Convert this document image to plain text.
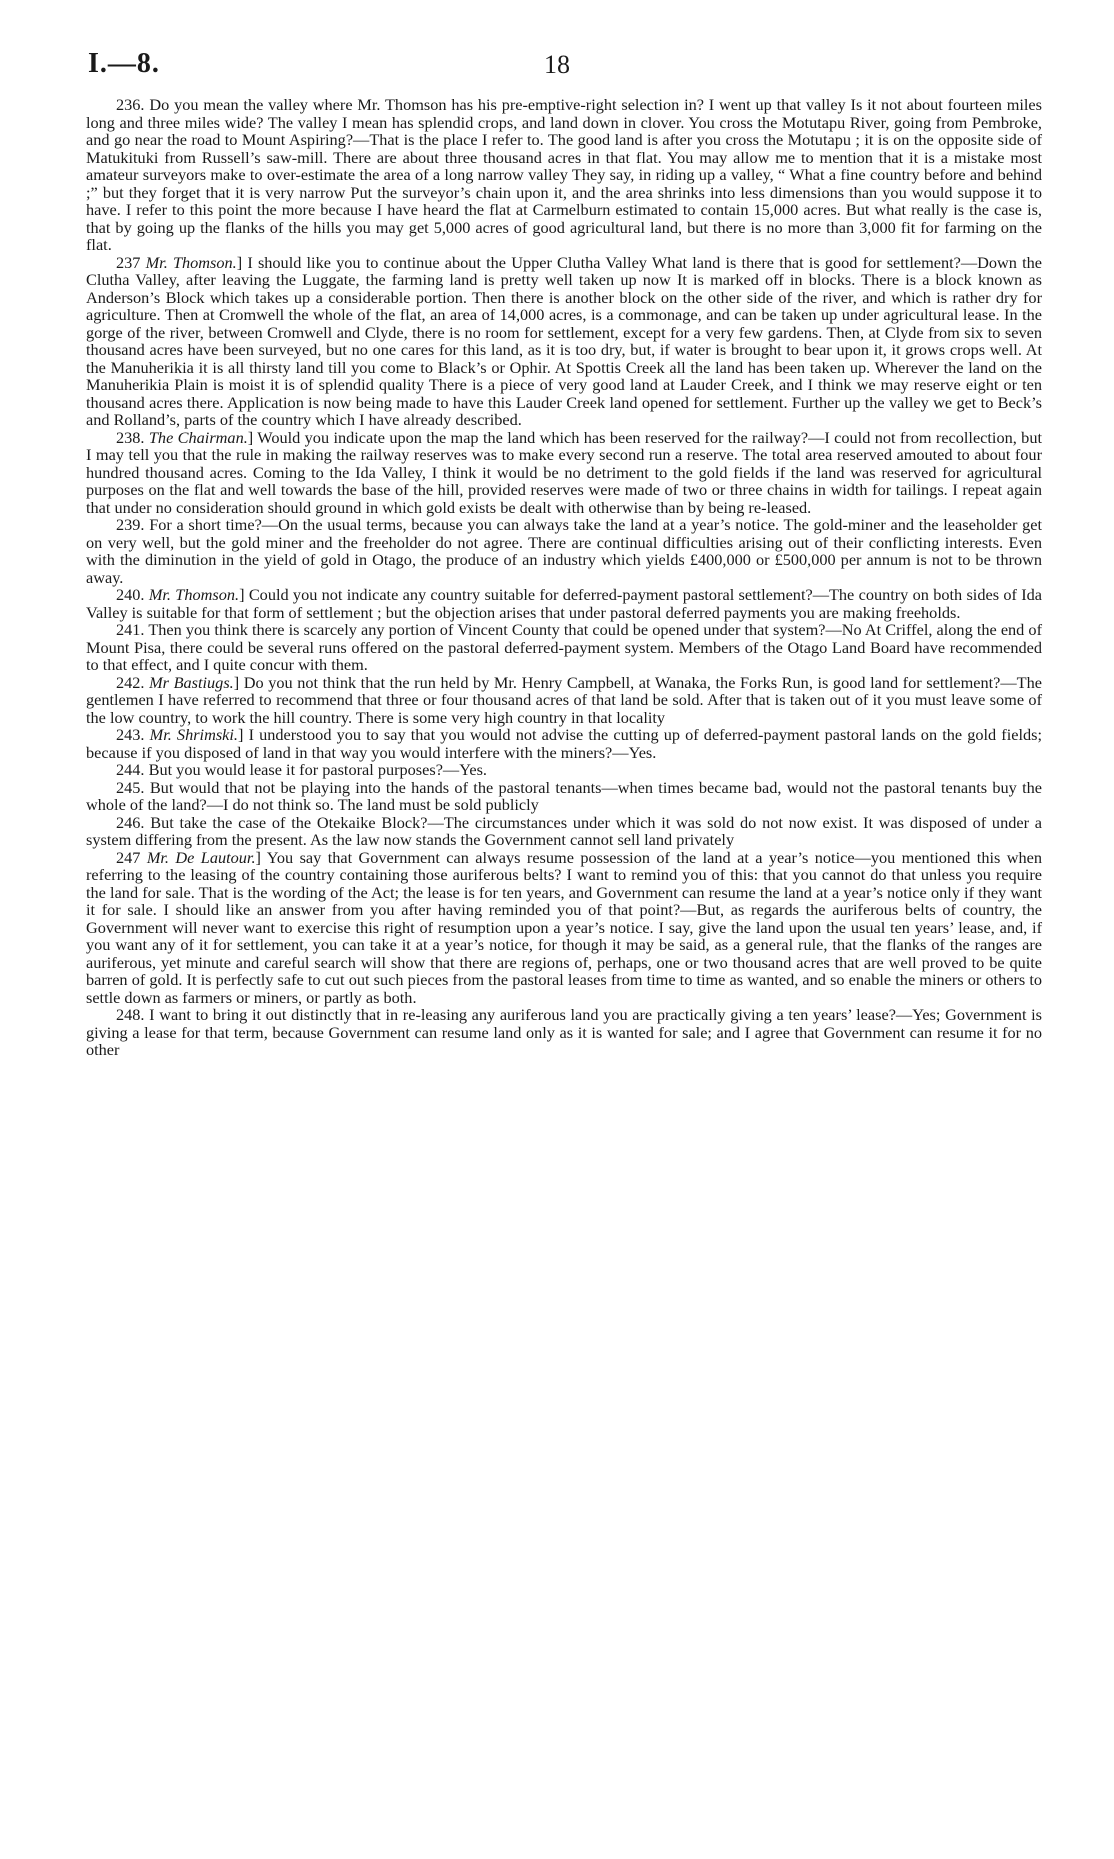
I.—8.	18

236. Do you mean the valley where Mr. Thomson has his pre-emptive-right selection in? I went up that valley Is it not about fourteen miles long and three miles wide? The valley I mean has splendid crops, and land down in clover. You cross the Motutapu River, going from Pembroke, and go near the road to Mount Aspiring?—That is the place I refer to. The good land is after you cross the Motutapu ; it is on the opposite side of Matukituki from Russell’s saw-mill. There are about three thousand acres in that flat. You may allow me to mention that it is a mistake most amateur surveyors make to over-estimate the area of a long narrow valley They say, in riding up a valley, “ What a fine country before and behind ;” but they forget that it is very narrow Put the surveyor’s chain upon it, and the area shrinks into less dimensions than you would suppose it to have. I refer to this point the more because I have heard the flat at Carmelburn estimated to contain 15,000 acres. But what really is the case is, that by going up the flanks of the hills you may get 5,000 acres of good agricultural land, but there is no more than 3,000 fit for farming on the flat.

237 Mr. Thomson.] I should like you to continue about the Upper Clutha Valley What land is there that is good for settlement?—Down the Clutha Valley, after leaving the Luggate, the farming land is pretty well taken up now It is marked off in blocks. There is a block known as Anderson’s Block which takes up a considerable portion. Then there is another block on the other side of the river, and which is rather dry for agriculture. Then at Cromwell the whole of the flat, an area of 14,000 acres, is a commonage, and can be taken up under agricultural lease. In the gorge of the river, between Cromwell and Clyde, there is no room for settlement, except for a very few gardens. Then, at Clyde from six to seven thousand acres have been surveyed, but no one cares for this land, as it is too dry, but, if water is brought to bear upon it, it grows crops well. At the Manuherikia it is all thirsty land till you come to Black’s or Ophir. At Spottis Creek all the land has been taken up. Wherever the land on the Manuherikia Plain is moist it is of splendid quality There is a piece of very good land at Lauder Creek, and I think we may reserve eight or ten thousand acres there. Application is now being made to have this Lauder Creek land opened for settlement. Further up the valley we get to Beck’s and Rolland’s, parts of the country which I have already described.

238. The Chairman.] Would you indicate upon the map the land which has been reserved for the railway?—I could not from recollection, but I may tell you that the rule in making the railway reserves was to make every second run a reserve. The total area reserved amouted to about four hundred thousand acres. Coming to the Ida Valley, I think it would be no detriment to the gold fields if the land was reserved for agricultural purposes on the flat and well towards the base of the hill, provided reserves were made of two or three chains in width for tailings. I repeat again that under no consideration should ground in which gold exists be dealt with otherwise than by being re-leased.

239. For a short time?—On the usual terms, because you can always take the land at a year’s notice. The gold-miner and the leaseholder get on very well, but the gold miner and the freeholder do not agree. There are continual difficulties arising out of their conflicting interests. Even with the diminution in the yield of gold in Otago, the produce of an industry which yields £400,000 or £500,000 per annum is not to be thrown away.

240. Mr. Thomson.] Could you not indicate any country suitable for deferred-payment pastoral settlement?—The country on both sides of Ida Valley is suitable for that form of settlement ; but the objection arises that under pastoral deferred payments you are making freeholds.

241. Then you think there is scarcely any portion of Vincent County that could be opened under that system?—No At Criffel, along the end of Mount Pisa, there could be several runs offered on the pastoral deferred-payment system. Members of the Otago Land Board have recommended to that effect, and I quite concur with them.

242. Mr Bastiugs.] Do you not think that the run held by Mr. Henry Campbell, at Wanaka, the Forks Run, is good land for settlement?—The gentlemen I have referred to recommend that three or four thousand acres of that land be sold. After that is taken out of it you must leave some of the low country, to work the hill country. There is some very high country in that locality

243. Mr. Shrimski.] I understood you to say that you would not advise the cutting up of deferred-payment pastoral lands on the gold fields; because if you disposed of land in that way you would interfere with the miners?—Yes.

244. But you would lease it for pastoral purposes?—Yes.

245. But would that not be playing into the hands of the pastoral tenants—when times became bad, would not the pastoral tenants buy the whole of the land?—I do not think so. The land must be sold publicly

246. But take the case of the Otekaike Block?—The circumstances under which it was sold do not now exist. It was disposed of under a system differing from the present. As the law now stands the Government cannot sell land privately

247 Mr. De Lautour.] You say that Government can always resume possession of the land at a year’s notice—you mentioned this when referring to the leasing of the country containing those auriferous belts? I want to remind you of this: that you cannot do that unless you require the land for sale. That is the wording of the Act; the lease is for ten years, and Government can resume the land at a year’s notice only if they want it for sale. I should like an answer from you after having reminded you of that point?—But, as regards the auriferous belts of country, the Government will never want to exercise this right of resumption upon a year’s notice. I say, give the land upon the usual ten years’ lease, and, if you want any of it for settlement, you can take it at a year’s notice, for though it may be said, as a general rule, that the flanks of the ranges are auriferous, yet minute and careful search will show that there are regions of, perhaps, one or two thousand acres that are well proved to be quite barren of gold. It is perfectly safe to cut out such pieces from the pastoral leases from time to time as wanted, and so enable the miners or others to settle down as farmers or miners, or partly as both.

248. I want to bring it out distinctly that in re-leasing any auriferous land you are practically giving a ten years’ lease?—Yes; Government is giving a lease for that term, because Government can resume land only as it is wanted for sale; and I agree that Government can resume it for no other
